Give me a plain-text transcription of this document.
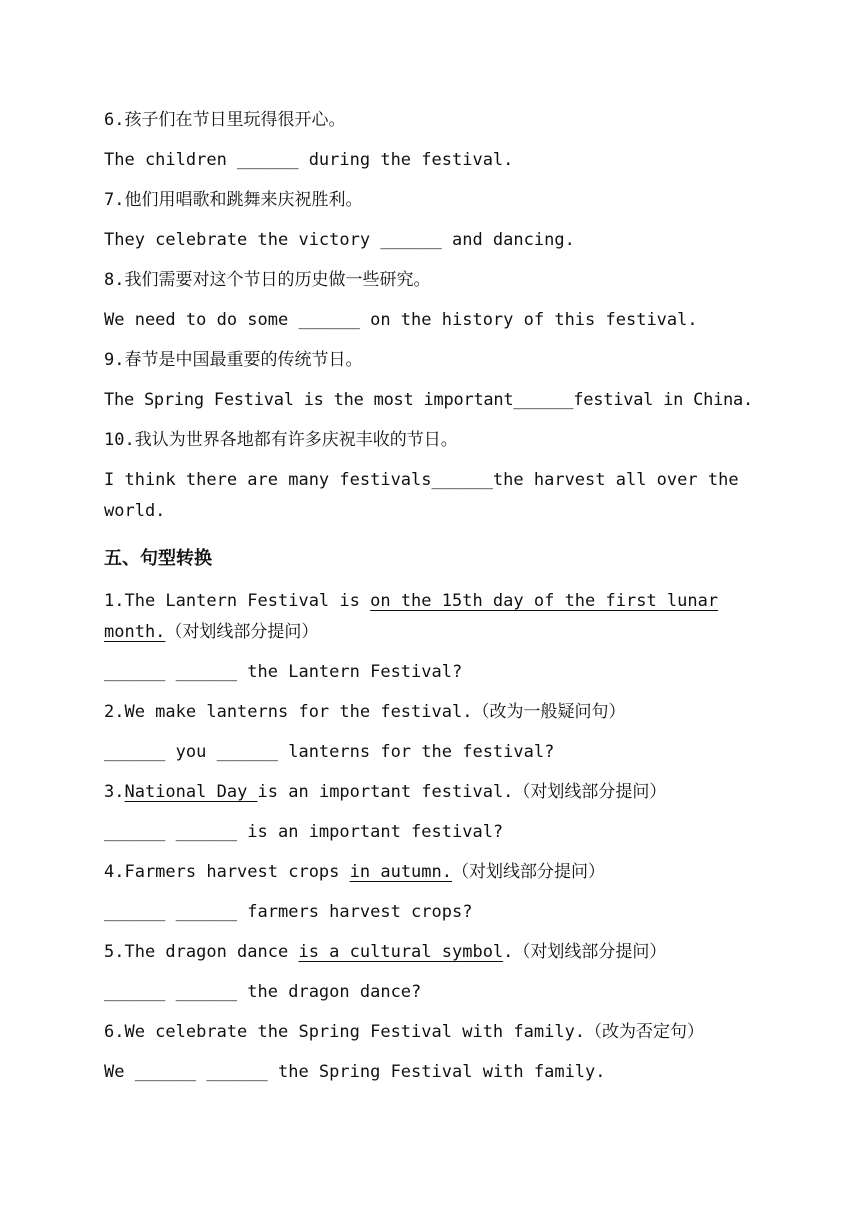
6.孩子们在节日里玩得很开心。
The children ______ during the festival.
7.他们用唱歌和跳舞来庆祝胜利。
They celebrate the victory ______ and dancing.
8.我们需要对这个节日的历史做一些研究。
We need to do some ______ on the history of this festival.
9.春节是中国最重要的传统节日。
The Spring Festival is the most important______festival in China.
10.我认为世界各地都有许多庆祝丰收的节日。
I think there are many festivals______the harvest all over the world.
五、句型转换
1.The Lantern Festival is on the 15th day of the first lunar month.（对划线部分提问）
______ ______ the Lantern Festival?
2.We make lanterns for the festival.（改为一般疑问句）
______ you ______ lanterns for the festival?
3.National Day is an important festival.（对划线部分提问）
______ ______ is an important festival?
4.Farmers harvest crops in autumn.（对划线部分提问）
______ ______ farmers harvest crops?
5.The dragon dance is a cultural symbol.（对划线部分提问）
______ ______ the dragon dance?
6.We celebrate the Spring Festival with family.（改为否定句）
We ______ ______ the Spring Festival with family.
